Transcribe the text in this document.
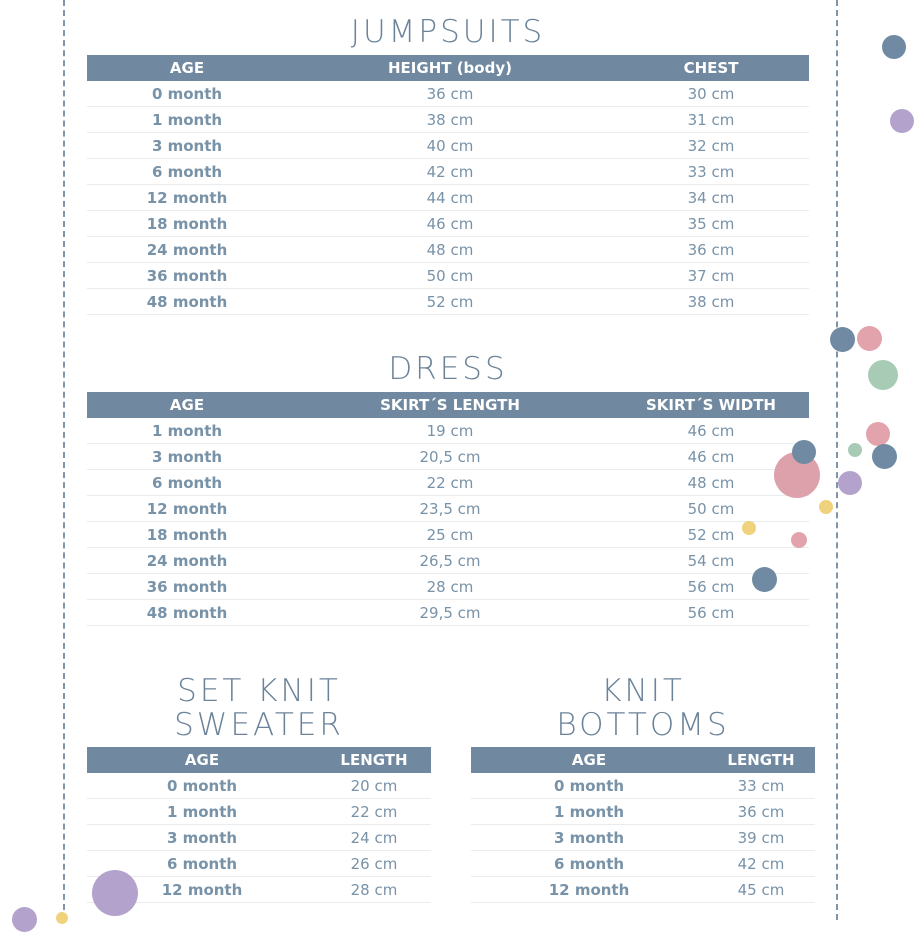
JUMPSUITS
AGE	HEIGHT (body)	CHEST
0 month	36 cm	30 cm
1 month	38 cm	31 cm
3 month	40 cm	32 cm
6 month	42 cm	33 cm
12 month	44 cm	34 cm
18 month	46 cm	35 cm
24 month	48 cm	36 cm
36 month	50 cm	37 cm
48 month	52 cm	38 cm
DRESS
AGE	SKIRT´S LENGTH	SKIRT´S WIDTH
1 month	19 cm	46 cm
3 month	20,5 cm	46 cm
6 month	22 cm	48 cm
12 month	23,5 cm	50 cm
18 month	25 cm	52 cm
24 month	26,5 cm	54 cm
36 month	28 cm	56 cm
48 month	29,5 cm	56 cm
SET KNIT
SWEATER
AGE	LENGTH
0 month	20 cm
1 month	22 cm
3 month	24 cm
6 month	26 cm
12 month	28 cm
KNIT
BOTTOMS
AGE	LENGTH
0 month	33 cm
1 month	36 cm
3 month	39 cm
6 month	42 cm
12 month	45 cm
